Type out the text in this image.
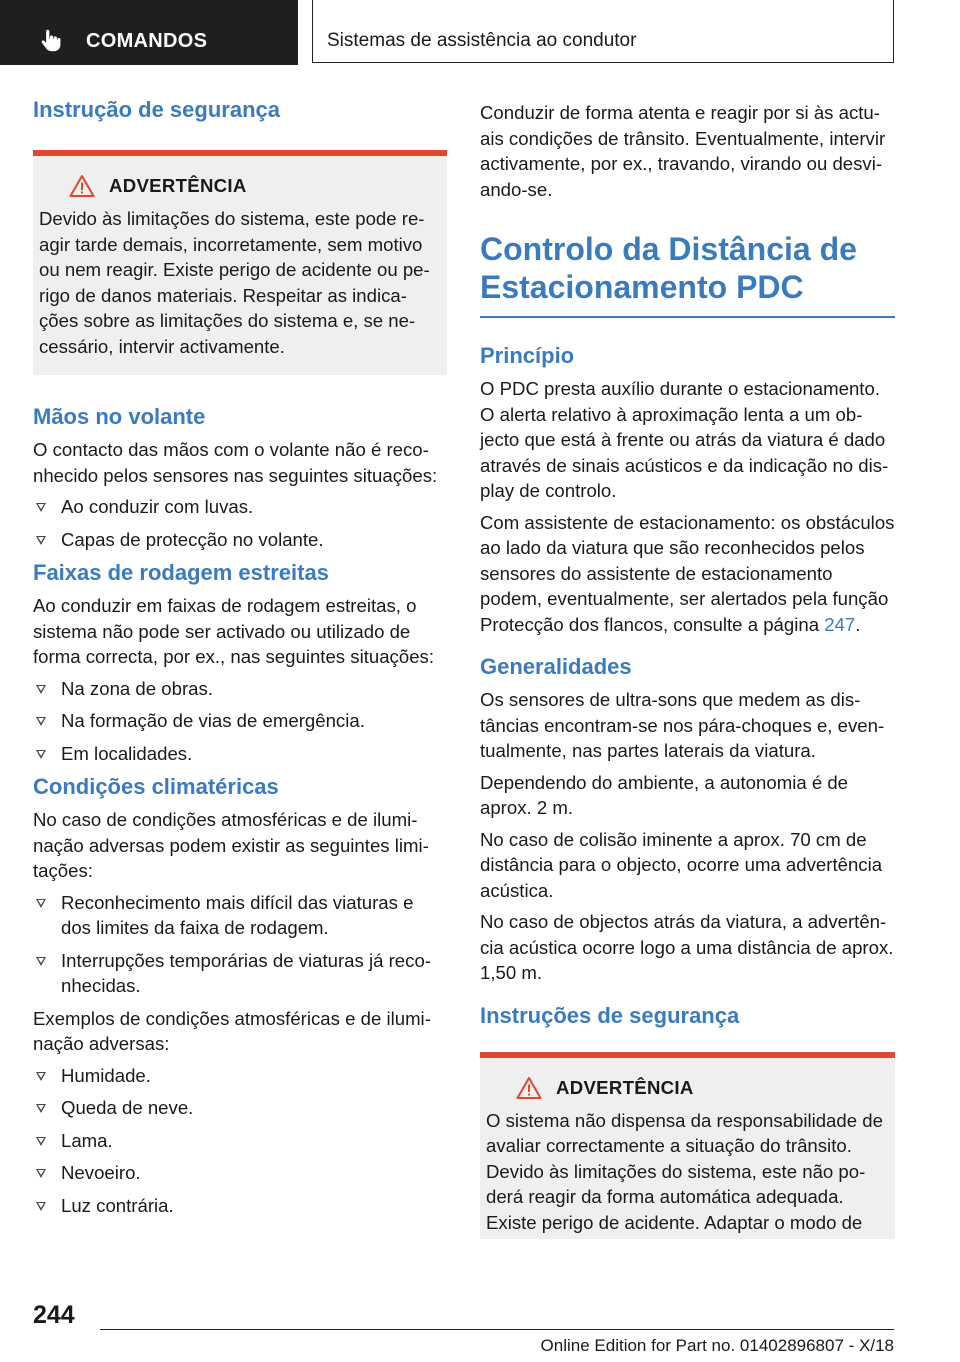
COMANDOS	Sistemas de assistência ao condutor
Instrução de segurança
ADVERTÊNCIA

Devido às limitações do sistema, este pode reagir tarde demais, incorretamente, sem motivo ou nem reagir. Existe perigo de acidente ou perigo de danos materiais. Respeitar as indicações sobre as limitações do sistema e, se necessário, intervir activamente.

Mãos no volante

O contacto das mãos com o volante não é reconhecido pelos sensores nas seguintes situações:

Ao conduzir com luvas.
Capas de protecção no volante.
Faixas de rodagem estreitas

Ao conduzir em faixas de rodagem estreitas, o sistema não pode ser activado ou utilizado de forma correcta, por ex., nas seguintes situações:

Na zona de obras.
Na formação de vias de emergência.
Em localidades.
Condições climatéricas

No caso de condições atmosféricas e de iluminação adversas podem existir as seguintes limitações:

Reconhecimento mais difícil das viaturas e dos limites da faixa de rodagem.
Interrupções temporárias de viaturas já reconhecidas.

Exemplos de condições atmosféricas e de iluminação adversas:

Humidade.
Queda de neve.
Lama.
Nevoeiro.
Luz contrária.

Conduzir de forma atenta e reagir por si às actuais condições de trânsito. Eventualmente, intervir activamente, por ex., travando, virando ou desviando-se.

Controlo da Distância de Estacionamento PDC
Princípio

O PDC presta auxílio durante o estacionamento. O alerta relativo à aproximação lenta a um objecto que está à frente ou atrás da viatura é dado através de sinais acústicos e da indicação no display de controlo.

Com assistente de estacionamento: os obstáculos ao lado da viatura que são reconhecidos pelos sensores do assistente de estacionamento podem, eventualmente, ser alertados pela função Protecção dos flancos, consulte a página 247.

Generalidades

Os sensores de ultra-sons que medem as distâncias encontram-se nos pára-choques e, eventualmente, nas partes laterais da viatura.

Dependendo do ambiente, a autonomia é de aprox. 2 m.

No caso de colisão iminente a aprox. 70 cm de distância para o objecto, ocorre uma advertência acústica.

No caso de objectos atrás da viatura, a advertência acústica ocorre logo a uma distância de aprox. 1,50 m.

Instruções de segurança
ADVERTÊNCIA

O sistema não dispensa da responsabilidade de avaliar correctamente a situação do trânsito. Devido às limitações do sistema, este não poderá reagir da forma automática adequada. Existe perigo de acidente. Adaptar o modo de

244
Online Edition for Part no. 01402896807 - X/18
